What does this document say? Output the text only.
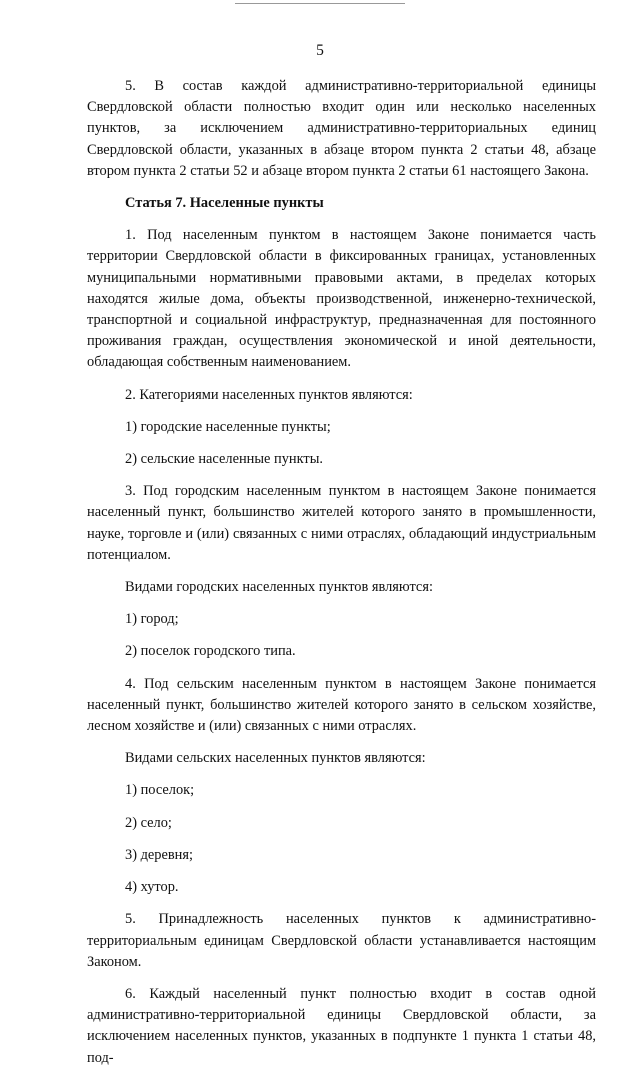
5

5. В состав каждой административно-территориальной единицы Свердловской области полностью входит один или несколько населенных пунктов, за исключением административно-территориальных единиц Свердловской области, указанных в абзаце втором пункта 2 статьи 48, абзаце втором пункта 2 статьи 52 и абзаце втором пункта 2 статьи 61 настоящего Закона.

Статья 7. Населенные пункты

1. Под населенным пунктом в настоящем Законе понимается часть территории Свердловской области в фиксированных границах, установленных муниципальными нормативными правовыми актами, в пределах которых находятся жилые дома, объекты производственной, инженерно-технической, транспортной и социальной инфраструктур, предназначенная для постоянного проживания граждан, осуществления экономической и иной деятельности, обладающая собственным наименованием.

2. Категориями населенных пунктов являются:

1) городские населенные пункты;

2) сельские населенные пункты.

3. Под городским населенным пунктом в настоящем Законе понимается населенный пункт, большинство жителей которого занято в промышленности, науке, торговле и (или) связанных с ними отраслях, обладающий индустриальным потенциалом.

Видами городских населенных пунктов являются:

1) город;

2) поселок городского типа.

4. Под сельским населенным пунктом в настоящем Законе понимается населенный пункт, большинство жителей которого занято в сельском хозяйстве, лесном хозяйстве и (или) связанных с ними отраслях.

Видами сельских населенных пунктов являются:

1) поселок;

2) село;

3) деревня;

4) хутор.

5. Принадлежность населенных пунктов к административно-территориальным единицам Свердловской области устанавливается настоящим Законом.

6. Каждый населенный пункт полностью входит в состав одной административно-территориальной единицы Свердловской области, за исключением населенных пунктов, указанных в подпункте 1 пункта 1 статьи 48, под-
